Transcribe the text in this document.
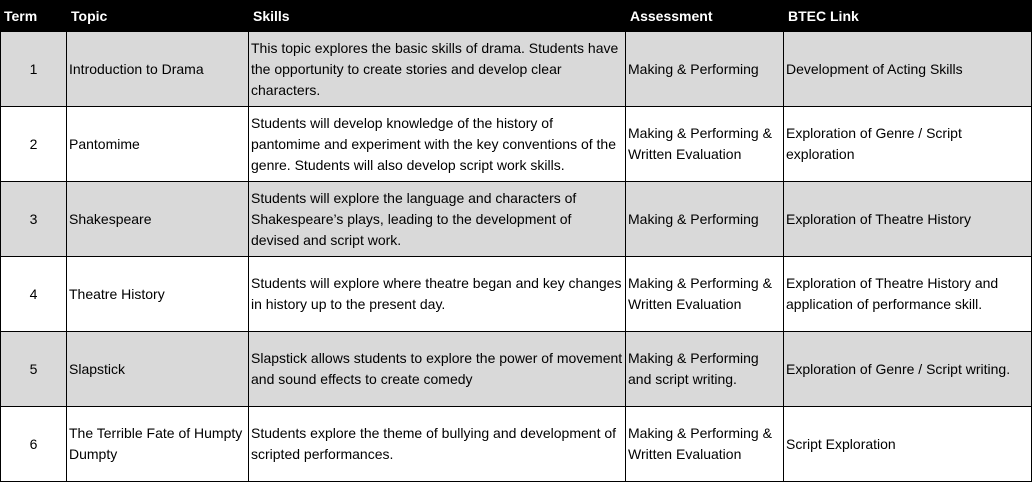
Term	Topic	Skills	Assessment	BTEC Link
1	Introduction to Drama	This topic explores the basic skills of drama. Students have the opportunity to create stories and develop clear characters.	Making & Performing	Development of Acting Skills
2	Pantomime	Students will develop knowledge of the history of pantomime and experiment with the key conventions of the genre. Students will also develop script work skills.	Making & Performing & Written Evaluation	Exploration of Genre / Script exploration
3	Shakespeare	Students will explore the language and characters of Shakespeare’s plays, leading to the development of devised and script work.	Making & Performing	Exploration of Theatre History
4	Theatre History	Students will explore where theatre began and key changes in history up to the present day.	Making & Performing & Written Evaluation	Exploration of Theatre History and application of performance skill.
5	Slapstick	Slapstick allows students to explore the power of movement and sound effects to create comedy	Making & Performing and script writing.	Exploration of Genre / Script writing.
6	The Terrible Fate of Humpty Dumpty	Students explore the theme of bullying and development of scripted performances.	Making & Performing & Written Evaluation	Script Exploration
